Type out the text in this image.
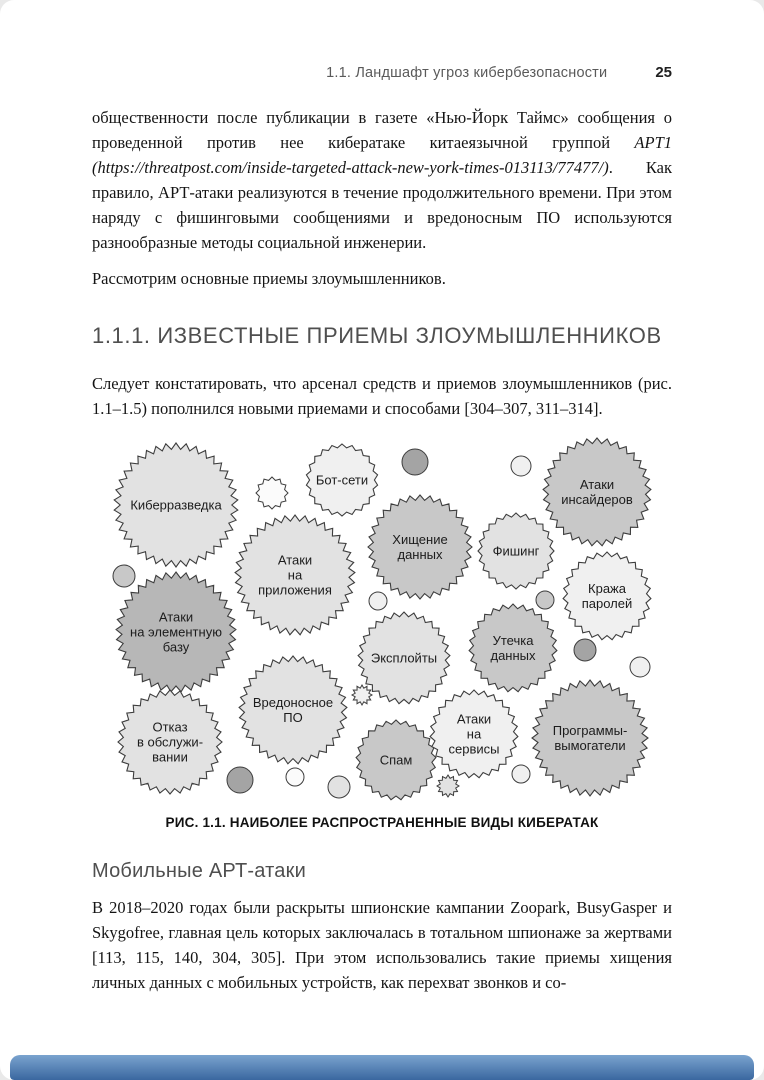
1.1. Ландшафт угроз кибербезопасности	25

общественности после публикации в газете «Нью-Йорк Таймс» сообщения о проведенной против нее кибератаке китаеязычной группой АРТ1 (https://threatpost.com/inside-targeted-attack-new-york-times-013113/77477/). Как правило, АРТ-атаки реализуются в течение продолжительного времени. При этом наряду с фишинговыми сообщениями и вредоносным ПО используются разнообразные методы социальной инженерии.

Рассмотрим основные приемы злоумышленников.

1.1.1. ИЗВЕСТНЫЕ ПРИЕМЫ ЗЛОУМЫШЛЕННИКОВ

Следует констатировать, что арсенал средств и приемов злоумышленников (рис. 1.1–1.5) пополнился новыми приемами и способами [304–307, 311–314].

Киберразведка
Бот-сети	Атаки инсайдеров
Хищение данных	Фишинг
Атаки на приложения	Кража паролей
Атаки на элементную базу
Эксплойты
Утечка данных
Вредоносное ПО
Отказ в обслужи-вании	Спам
Атаки на сервисы
Программы-вымогатели
РИС. 1.1. НАИБОЛЕЕ РАСПРОСТРАНЕННЫЕ ВИДЫ КИБЕРАТАК
Мобильные АРТ-атаки

В 2018–2020 годах были раскрыты шпионские кампании Zoopark, BusyGasper и Skygofree, главная цель которых заключалась в тотальном шпионаже за жертвами [113, 115, 140, 304, 305]. При этом использовались такие приемы хищения личных данных с мобильных устройств, как перехват звонков и со-
